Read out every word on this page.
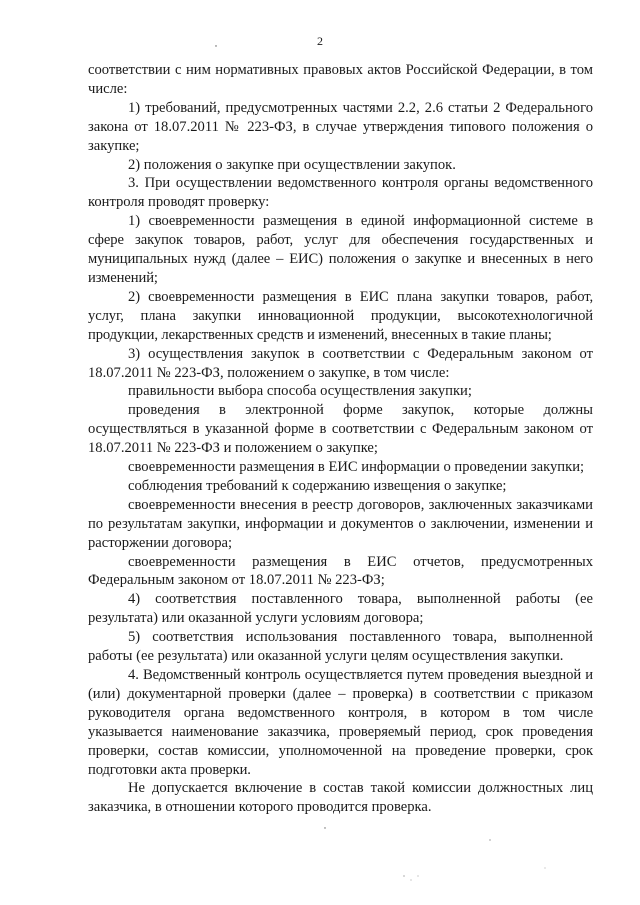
2

соответствии с ним нормативных правовых актов Российской Федерации, в том числе:

1) требований, предусмотренных частями 2.2, 2.6 статьи 2 Федерального закона от 18.07.2011 № 223-ФЗ, в случае утверждения типового положения о закупке;

2) положения о закупке при осуществлении закупок.

3. При осуществлении ведомственного контроля органы ведомственного контроля проводят проверку:

1) своевременности размещения в единой информационной системе в сфере закупок товаров, работ, услуг для обеспечения государственных и муниципальных нужд (далее – ЕИС) положения о закупке и внесенных в него изменений;

2) своевременности размещения в ЕИС плана закупки товаров, работ, услуг, плана закупки инновационной продукции, высокотехнологичной продукции, лекарственных средств и изменений, внесенных в такие планы;

3) осуществления закупок в соответствии с Федеральным законом от 18.07.2011 № 223-ФЗ, положением о закупке, в том числе:

правильности выбора способа осуществления закупки;

проведения в электронной форме закупок, которые должны осуществляться в указанной форме в соответствии с Федеральным законом от 18.07.2011 № 223-ФЗ и положением о закупке;

своевременности размещения в ЕИС информации о проведении закупки;

соблюдения требований к содержанию извещения о закупке;

своевременности внесения в реестр договоров, заключенных заказчиками по результатам закупки, информации и документов о заключении, изменении и расторжении договора;

своевременности размещения в ЕИС отчетов, предусмотренных Федеральным законом от 18.07.2011 № 223-ФЗ;

4) соответствия поставленного товара, выполненной работы (ее результата) или оказанной услуги условиям договора;

5) соответствия использования поставленного товара, выполненной работы (ее результата) или оказанной услуги целям осуществления закупки.

4. Ведомственный контроль осуществляется путем проведения выездной и (или) документарной проверки (далее – проверка) в соответствии с приказом руководителя органа ведомственного контроля, в котором в том числе указывается наименование заказчика, проверяемый период, срок проведения проверки, состав комиссии, уполномоченной на проведение проверки, срок подготовки акта проверки.

Не допускается включение в состав такой комиссии должностных лиц заказчика, в отношении которого проводится проверка.
